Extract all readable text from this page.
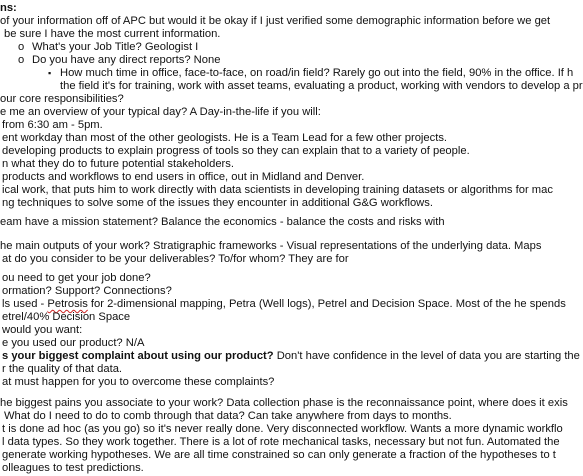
ns:
of your information off of APC but would it be okay if I just verified some demographic information before we get
be sure I have the most current information.
o What's your Job Title? Geologist I
o Do you have any direct reports? None
▪ How much time in office, face-to-face, on road/in field? Rarely go out into the field, 90% in the office. If h
the field it's for training, work with asset teams, evaluating a product, working with vendors to develop a pr
our core responsibilities?
e me an overview of your typical day? A Day-in-the-life if you will:
from 6:30 am - 5pm.
ent workday than most of the other geologists. He is a Team Lead for a few other projects.
developing products to explain progress of tools so they can explain that to a variety of people.
n what they do to future potential stakeholders.
products and workflows to end users in office, out in Midland and Denver.
ical work, that puts him to work directly with data scientists in developing training datasets or algorithms for mac
ng techniques to solve some of the issues they encounter in additional G&G workflows.
eam have a mission statement? Balance the economics - balance the costs and risks with
he main outputs of your work? Stratigraphic frameworks - Visual representations of the underlying data. Maps
at do you consider to be your deliverables? To/for whom? They are for
ou need to get your job done?
ormation? Support? Connections?
ls used - Petrosis for 2-dimensional mapping, Petra (Well logs), Petrel and Decision Space. Most of the he spends
etrel/40% Decision Space
would you want:
e you used our product? N/A
s your biggest complaint about using our product? Don't have confidence in the level of data you are starting the
r the quality of that data.
at must happen for you to overcome these complaints?
he biggest pains you associate to your work? Data collection phase is the reconnaissance point, where does it exis
What do I need to do to comb through that data? Can take anywhere from days to months.
t is done ad hoc (as you go) so it's never really done. Very disconnected workflow. Wants a more dynamic workflo
l data types. So they work together. There is a lot of rote mechanical tasks, necessary but not fun. Automated the
generate working hypotheses. We are all time constrained so can only generate a fraction of the hypotheses to t
olleagues to test predictions.
